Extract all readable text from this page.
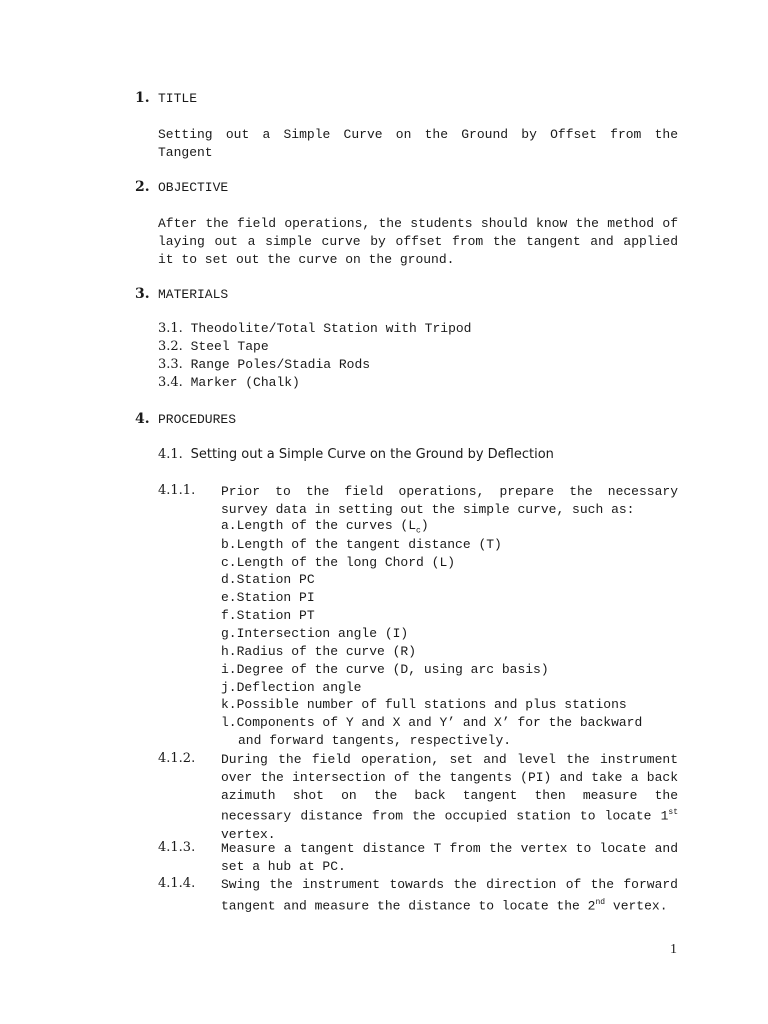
1. TITLE
Setting out a Simple Curve on the Ground by Offset from the Tangent
2. OBJECTIVE
After the field operations, the students should know the method of laying out a simple curve by offset from the tangent and applied it to set out the curve on the ground.
3. MATERIALS
3.1. Theodolite/Total Station with Tripod
3.2. Steel Tape
3.3. Range Poles/Stadia Rods
3.4. Marker (Chalk)
4. PROCEDURES
4.1. Setting out a Simple Curve on the Ground by Deflection
4.1.1. Prior to the field operations, prepare the necessary survey data in setting out the simple curve, such as:
a.Length of the curves $(L_c)$
b.Length of the tangent distance (T)
c.Length of the long Chord (L)
d.Station PC
e.Station PI
f.Station PT
g.Intersection angle (I)
h.Radius of the curve (R)
i.Degree of the curve (D, using arc basis)
j.Deflection angle
k.Possible number of full stations and plus stations
l.Components of Y and X and Y’ and X’ for the backward
and forward tangents, respectively.
4.1.2. During the field operation, set and level the instrument over the intersection of the tangents (PI) and take a back azimuth shot on the back tangent then measure the necessary distance from the occupied station to locate 1st vertex.
4.1.3. Measure a tangent distance T from the vertex to locate and set a hub at PC.
4.1.4. Swing the instrument towards the direction of the forward tangent and measure the distance to locate the 2nd vertex.
1
